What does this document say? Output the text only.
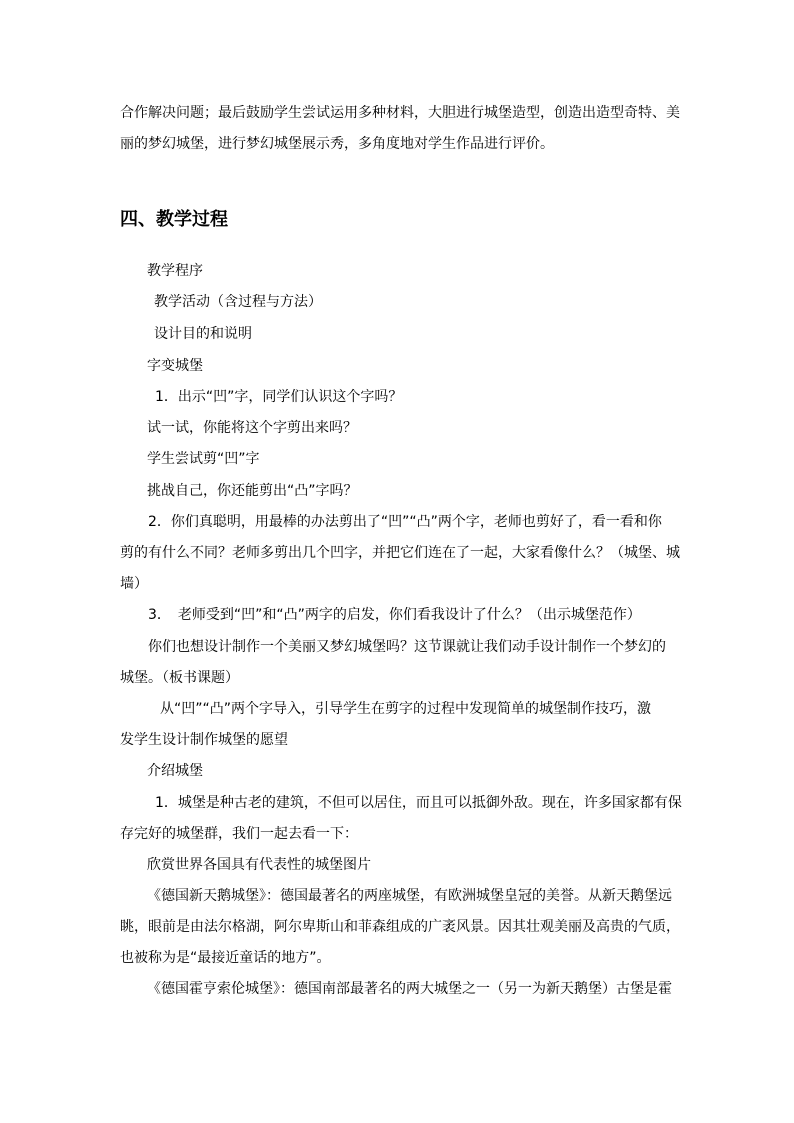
合作解决问题；最后鼓励学生尝试运用多种材料，大胆进行城堡造型，创造出造型奇特、美
丽的梦幻城堡，进行梦幻城堡展示秀，多角度地对学生作品进行评价。
四、教学过程
教学程序
教学活动（含过程与方法）
设计目的和说明
字变城堡
1．出示“凹”字，同学们认识这个字吗？
试一试，你能将这个字剪出来吗？
学生尝试剪“凹”字
挑战自己，你还能剪出“凸”字吗？
2．你们真聪明，用最棒的办法剪出了“凹”“凸”两个字，老师也剪好了，看一看和你
剪的有什么不同？老师多剪出几个凹字，并把它们连在了一起，大家看像什么？（城堡、城
墙）
3．　老师受到“凹”和“凸”两字的启发，你们看我设计了什么？（出示城堡范作）
你们也想设计制作一个美丽又梦幻城堡吗？这节课就让我们动手设计制作一个梦幻的
城堡。（板书课题）
从“凹”“凸”两个字导入，引导学生在剪字的过程中发现简单的城堡制作技巧，激
发学生设计制作城堡的愿望
介绍城堡
1．城堡是种古老的建筑，不但可以居住，而且可以抵御外敌。现在，许多国家都有保
存完好的城堡群，我们一起去看一下：
欣赏世界各国具有代表性的城堡图片
《德国新天鹅城堡》：德国最著名的两座城堡，有欧洲城堡皇冠的美誉。从新天鹅堡远
眺，眼前是由法尔格湖，阿尔卑斯山和菲森组成的广袤风景。因其壮观美丽及高贵的气质，
也被称为是“最接近童话的地方”。
《德国霍亨索伦城堡》：德国南部最著名的两大城堡之一（另一为新天鹅堡）古堡是霍
